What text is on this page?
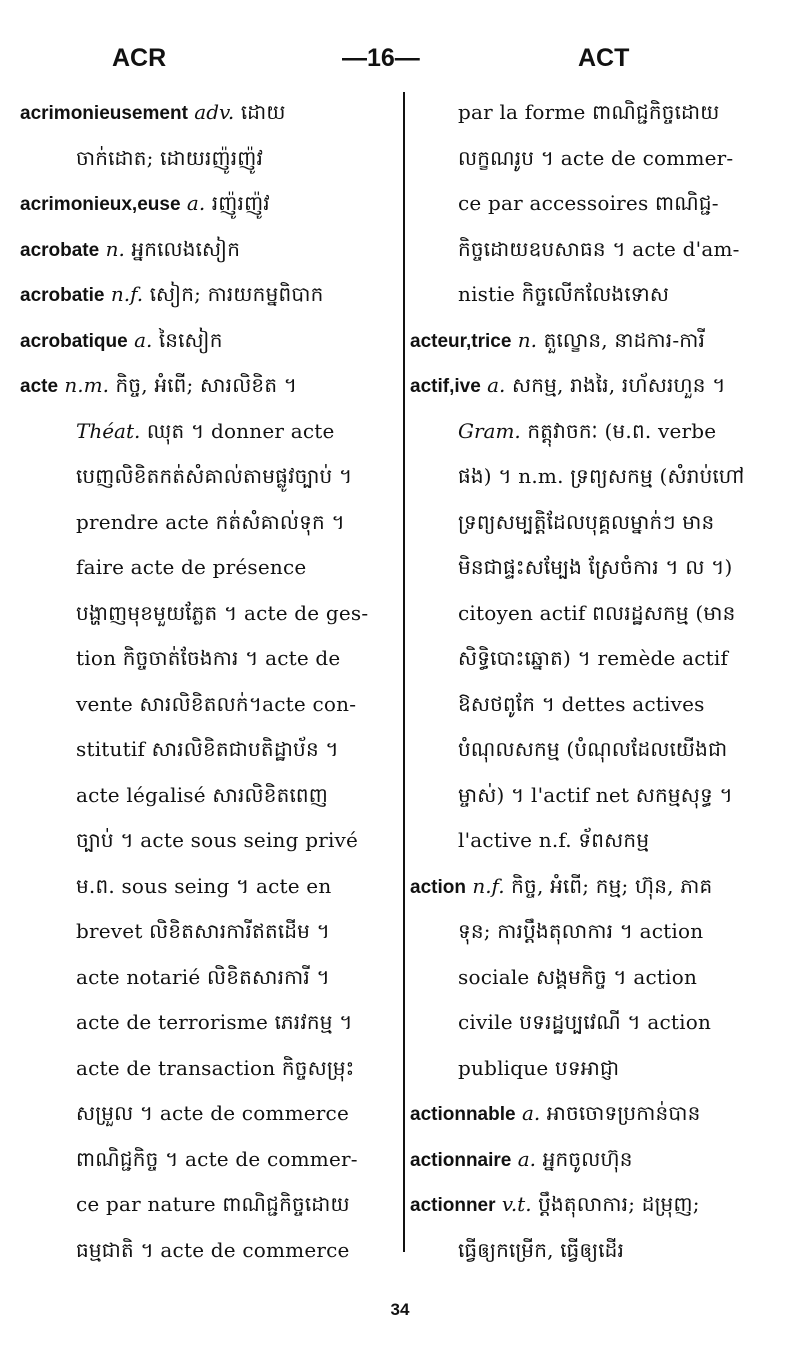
ACR	—16—	ACT
acrimonieusement adv. ដោយ
ចាក់ដោត; ដោយរញ៉ូរញ៉ូវ
acrimonieux,euse a. រញ៉ូរញ៉ូវ
acrobate n. អ្នកលេងសៀក
acrobatie n.f. សៀក; ការយកម្នពិបាក
acrobatique a. នៃសៀក
acte n.m. កិច្ច, អំពើ; សារលិខិត ។
Théat. ឈុត ។ donner acte
បេញលិខិតកត់សំគាល់តាមផ្លូវច្បាប់ ។
prendre acte កត់សំគាល់ទុក ។
faire acte de présence
បង្ហាញមុខមួយភ្លែត ។ acte de ges-
tion កិច្ចចាត់ចែងការ ។ acte de
vente សារលិខិតលក់។acte con-
stitutif សារលិខិតជាបតិដ្ឋាប័ន ។
acte légalisé សារលិខិតពេញ
ច្បាប់ ។ acte sous seing privé
ម.ព. sous seing ។ acte en
brevet លិខិតសារការីឥតដើម ។
acte notarié លិខិតសារការី ។
acte de terrorisme ភេរវកម្ម ។
acte de transaction កិច្ចសម្រុះ
សម្រួល ។ acte de commerce
ពាណិជ្ជកិច្ច ។ acte de commer-
ce par nature ពាណិជ្ជកិច្ចដោយ
ធម្មជាតិ ។ acte de commerce
par la forme ពាណិជ្ជកិច្ចដោយ
លក្ខណរូប ។ acte de commer-
ce par accessoires ពាណិជ្ជ-
កិច្ចដោយឧបសាធន ។ acte d'am-
nistie កិច្ចលើកលែងទោស
acteur,trice n. តួល្ខោន, នាដការ-ការី
actif,ive a. សកម្ម, រាងរៃ, រហ័សរហួន ។
Gram. កត្តុវាចកៈ (ម.ព. verbe
ផង) ។ n.m. ទ្រព្យសកម្ម (សំរាប់ហៅ
ទ្រព្យសម្បត្តិដែលបុគ្គលម្នាក់ៗ មាន
មិនជាផ្ទះសម្បែង ស្រែចំការ ។ ល ។)
citoyen actif ពលរដ្ឋសកម្ម (មាន
សិទ្ធិបោះឆ្នោត) ។ remède actif
ឱសថពូកែ ។ dettes actives
បំណុលសកម្ម (បំណុលដែលយើងជា
ម្ចាស់) ។ l'actif net សកម្មសុទ្ធ ។
l'active n.f. ទ័ពសកម្ម
action n.f. កិច្ច, អំពើ; កម្ម; ហ៊ុន, ភាគ
ទុន; ការប្តឹងតុលាការ ។ action
sociale សង្គមកិច្ច ។ action
civile បទរដ្ឋប្បវេណី ។ action
publique បទអាជ្ញា
actionnable a. អាចចោទប្រកាន់បាន
actionnaire a. អ្នកចូលហ៊ុន
actionner v.t. ប្តឹងតុលាការ; ដម្រុញ;
ធ្វើឲ្យកម្រើក, ធ្វើឲ្យដើរ
34
